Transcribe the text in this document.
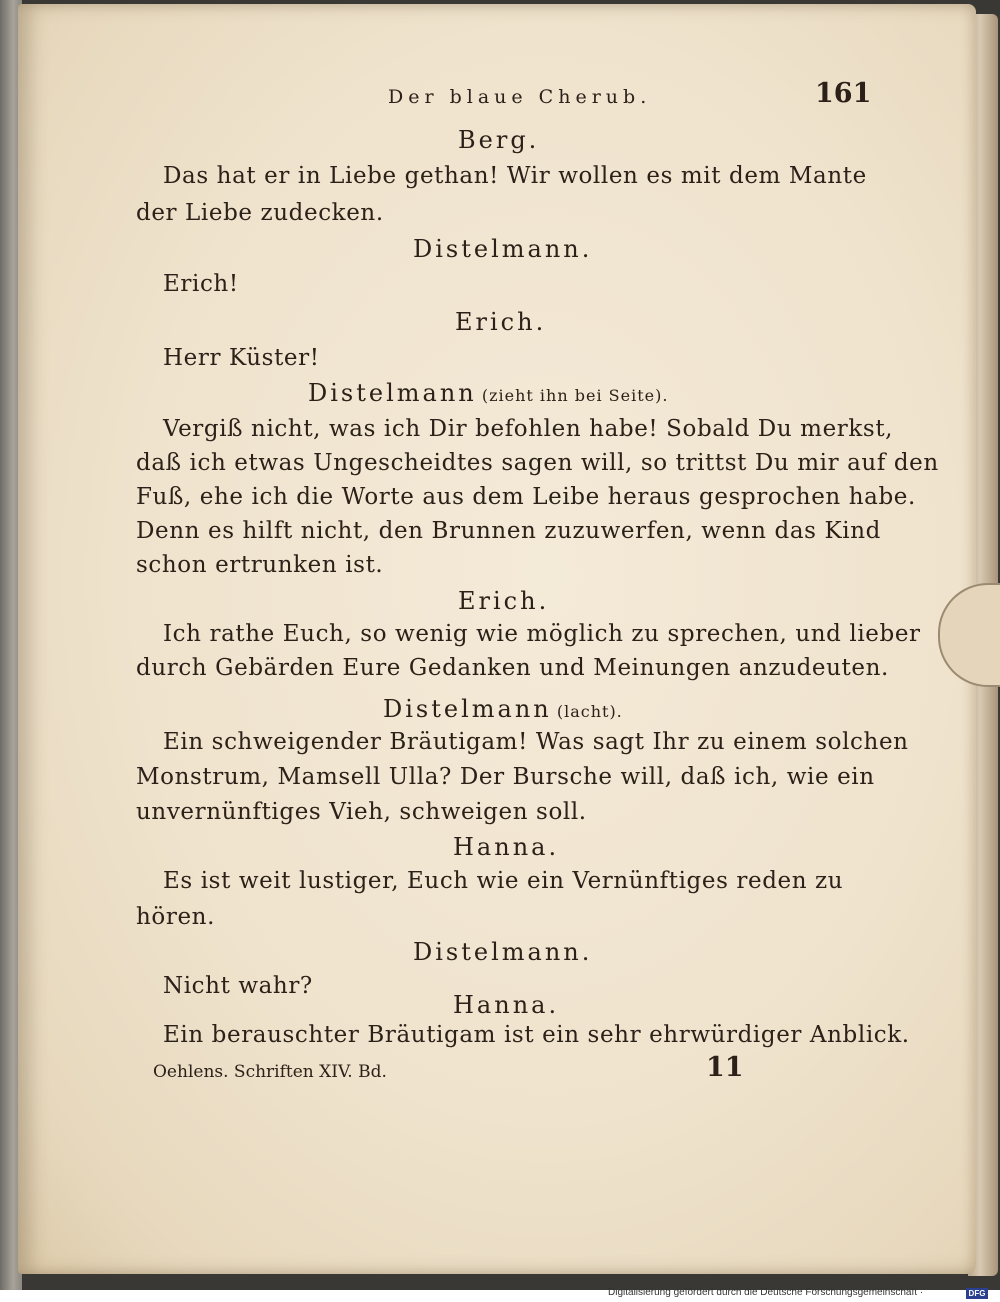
Der blaue Cherub.	161
Berg.
Das hat er in Liebe gethan! Wir wollen es mit dem Mante
der Liebe zudecken.
Distelmann.
Erich!
Erich.
Herr Küster!
Distelmann (zieht ihn bei Seite).
Vergiß nicht, was ich Dir befohlen habe! Sobald Du merkst,
daß ich etwas Ungescheidtes sagen will, so trittst Du mir auf den
Fuß, ehe ich die Worte aus dem Leibe heraus gesprochen habe.
Denn es hilft nicht, den Brunnen zuzuwerfen, wenn das Kind
schon ertrunken ist.
Erich.
Ich rathe Euch, so wenig wie möglich zu sprechen, und lieber
durch Gebärden Eure Gedanken und Meinungen anzudeuten.
Distelmann (lacht).
Ein schweigender Bräutigam! Was sagt Ihr zu einem solchen
Monstrum, Mamsell Ulla? Der Bursche will, daß ich, wie ein
unvernünftiges Vieh, schweigen soll.
Hanna.
Es ist weit lustiger, Euch wie ein Vernünftiges reden zu
hören.
Distelmann.
Nicht wahr?
Hanna.
Ein berauschter Bräutigam ist ein sehr ehrwürdiger Anblick.
Oehlens. Schriften XIV. Bd.	11
Digitalisierung gefördert durch die Deutsche Forschungsgemeinschaft ·	DFG
